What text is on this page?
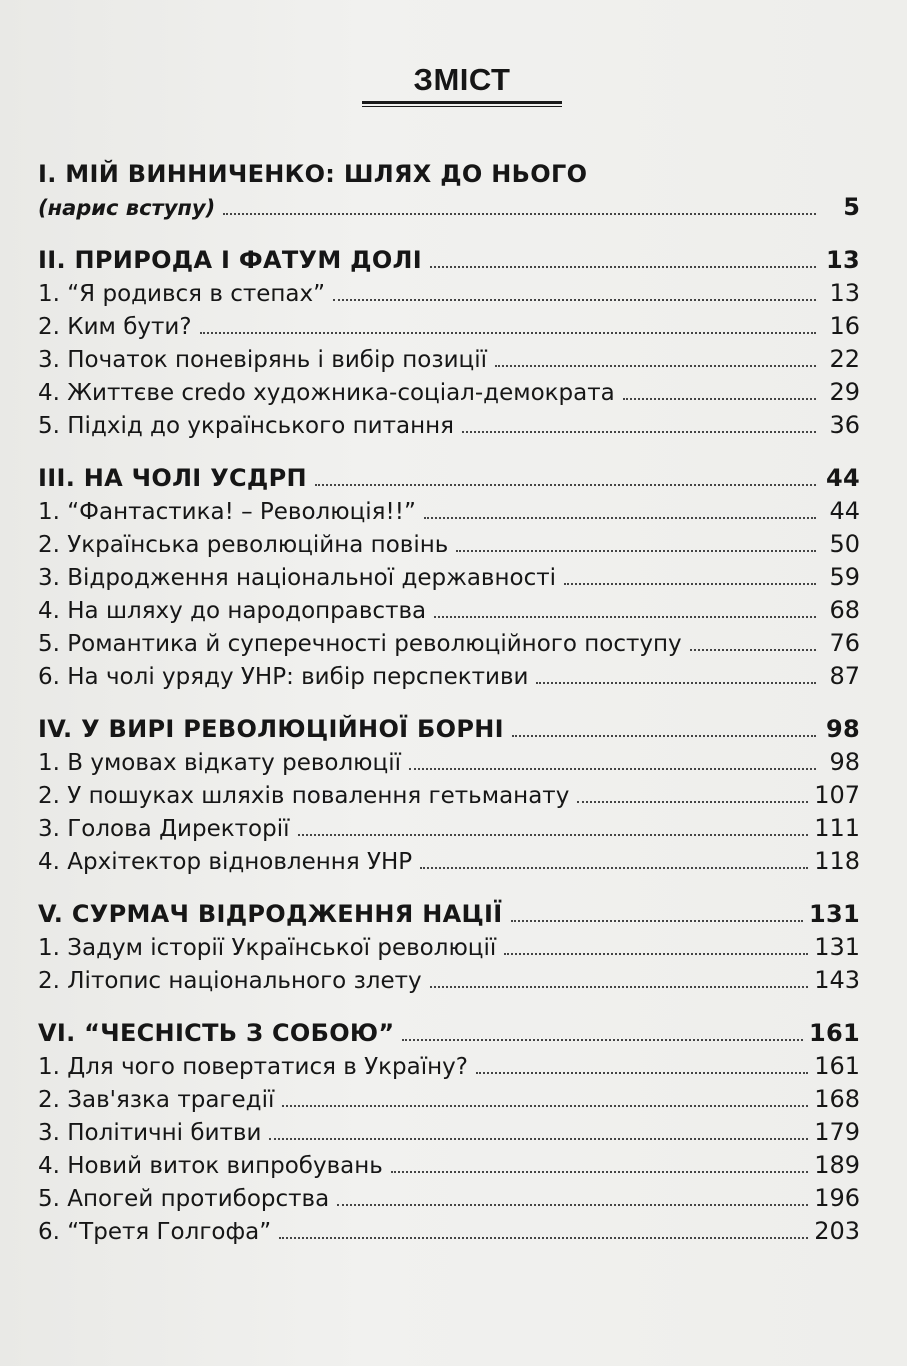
ЗМІСТ
І. МІЙ ВИННИЧЕНКО: ШЛЯХ ДО НЬОГО
(нарис вступу)	5
ІІ. ПРИРОДА І ФАТУМ ДОЛІ	13
1. “Я родився в степах”	13
2. Ким бути?	16
3. Початок поневірянь і вибір позиції	22
4. Життєве credo художника-соціал-демократа	29
5. Підхід до українського питання	36
ІІІ. НА ЧОЛІ УСДРП	44
1. “Фантастика! – Революція!!”	44
2. Українська революційна повінь	50
3. Відродження національної державності	59
4. На шляху до народоправства	68
5. Романтика й суперечності революційного поступу	76
6. На чолі уряду УНР: вибір перспективи	87
IV. У ВИРІ РЕВОЛЮЦІЙНОЇ БОРНІ	98
1. В умовах відкату революції	98
2. У пошуках шляхів повалення гетьманату	107
3. Голова Директорії	111
4. Архітектор відновлення УНР	118
V. СУРМАЧ ВІДРОДЖЕННЯ НАЦІЇ	131
1. Задум історії Української революції	131
2. Літопис національного злету	143
VI. “ЧЕСНІСТЬ З СОБОЮ”	161
1. Для чого повертатися в Україну?	161
2. Зав'язка трагедії	168
3. Політичні битви	179
4. Новий виток випробувань	189
5. Апогей протиборства	196
6. “Третя Голгофа”	203
